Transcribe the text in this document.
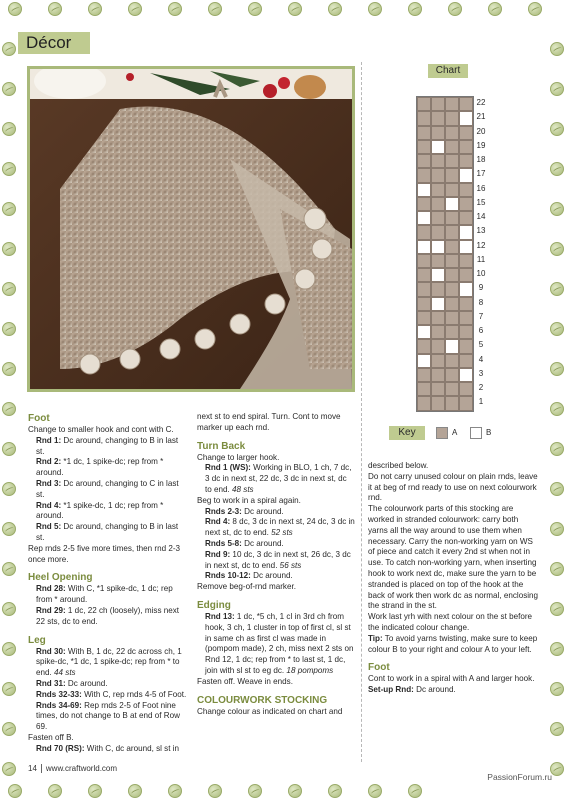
Décor

Foot

Change to smaller hook and cont with C.

Rnd 1: Dc around, changing to B in last st.

Rnd 2: *1 dc, 1 spike-dc; rep from * around.

Rnd 3: Dc around, changing to C in last st.

Rnd 4: *1 spike-dc, 1 dc; rep from * around.

Rnd 5: Dc around, changing to B in last st.

Rep rnds 2-5 five more times, then rnd 2-3 once more.

Heel Opening

Rnd 28: With C, *1 spike-dc, 1 dc; rep from * around.

Rnd 29: 1 dc, 22 ch (loosely), miss next 22 sts, dc to end.

Leg

Rnd 30: With B, 1 dc, 22 dc across ch, 1 spike-dc, *1 dc, 1 spike-dc; rep from * to end. 44 sts

Rnd 31: Dc around.

Rnds 32-33: With C, rep rnds 4-5 of Foot.

Rnds 34-69: Rep rnds 2-5 of Foot nine times, do not change to B at end of Row 69.

Fasten off B.

Rnd 70 (RS): With C, dc around, sl st in

next st to end spiral. Turn. Cont to move marker up each rnd.

Turn Back

Change to larger hook.

Rnd 1 (WS): Working in BLO, 1 ch, 7 dc, 3 dc in next st, 22 dc, 3 dc in next st, dc to end. 48 sts

Beg to work in a spiral again.

Rnds 2-3: Dc around.

Rnd 4: 8 dc, 3 dc in next st, 24 dc, 3 dc in next st, dc to end. 52 sts

Rnds 5-8: Dc around.

Rnd 9: 10 dc, 3 dc in next st, 26 dc, 3 dc in next st, dc to end. 56 sts

Rnds 10-12: Dc around.

Remove beg-of-rnd marker.

Edging

Rnd 13: 1 dc, *5 ch, 1 cl in 3rd ch from hook, 3 ch, 1 cluster in top of first cl, sl st in same ch as first cl was made in (pompom made), 2 ch, miss next 2 sts on Rnd 12, 1 dc; rep from * to last st, 1 dc, join with sl st to eg dc. 18 pompoms

Fasten off. Weave in ends.

COLOURWORK STOCKING

Change colour as indicated on chart and

described below.

Do not carry unused colour on plain rnds, leave it at beg of rnd ready to use on next colourwork rnd.

The colourwork parts of this stocking are worked in stranded colourwork: carry both yarns all the way around to use them when necessary. Carry the non-working yarn on WS of piece and catch it every 2nd st when not in use. To catch non-working yarn, when inserting hook to work next dc, make sure the yarn to be stranded is placed on top of the hook at the back of work then work dc as normal, enclosing the strand in the st.

Work last yrh with next colour on the st before the indicated colour change.

Tip: To avoid yarns twisting, make sure to keep colour B to your right and colour A to your left.

Foot

Cont to work in a spiral with A and larger hook.

Set-up Rnd: Dc around.

Chart
22
21
20
19
18
17
16
15
14
13
12
11
10
9
8
7
6
5
4
3
2
1
Key	A	B
14 www.craftworld.com
PassionForum.ru
